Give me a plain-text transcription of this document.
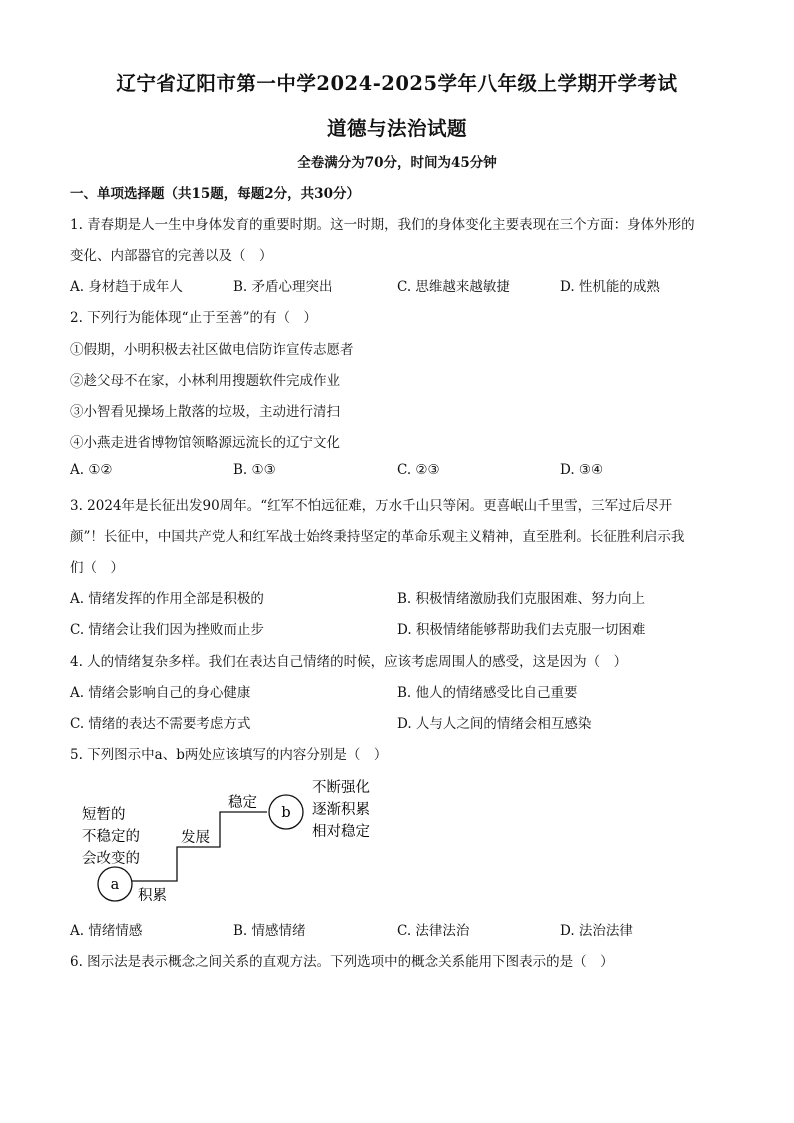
辽宁省辽阳市第一中学2024-2025学年八年级上学期开学考试
道德与法治试题
全卷满分为70分，时间为45分钟
一、单项选择题（共15题，每题2分，共30分）
1. 青春期是人一生中身体发育的重要时期。这一时期，我们的身体变化主要表现在三个方面：身体外形的
变化、内部器官的完善以及（　）
A. 身材趋于成年人	B. 矛盾心理突出	C. 思维越来越敏捷	D. 性机能的成熟
2. 下列行为能体现“止于至善”的有（　）
①假期，小明积极去社区做电信防诈宣传志愿者
②趁父母不在家，小林利用搜题软件完成作业
③小智看见操场上散落的垃圾，主动进行清扫
④小燕走进省博物馆领略源远流长的辽宁文化
A. ①②	B. ①③	C. ②③	D. ③④
3. 2024年是长征出发90周年。“红军不怕远征难，万水千山只等闲。更喜岷山千里雪，三军过后尽开
颜”！长征中，中国共产党人和红军战士始终秉持坚定的革命乐观主义精神，直至胜利。长征胜利启示我
们（　）
A. 情绪发挥的作用全部是积极的	B. 积极情绪激励我们克服困难、努力向上
C. 情绪会让我们因为挫败而止步	D. 积极情绪能够帮助我们去克服一切困难
4. 人的情绪复杂多样。我们在表达自己情绪的时候，应该考虑周围人的感受，这是因为（　）
A. 情绪会影响自己的身心健康	B. 他人的情绪感受比自己重要
C. 情绪的表达不需要考虑方式	D. 人与人之间的情绪会相互感染
5. 下列图示中a、b两处应该填写的内容分别是（　）
短暂的
不稳定的
会改变的
a
积累
发展
稳定
b
不断强化
逐渐积累
相对稳定
A. 情绪情感	B. 情感情绪	C. 法律法治	D. 法治法律
6. 图示法是表示概念之间关系的直观方法。下列选项中的概念关系能用下图表示的是（　）
